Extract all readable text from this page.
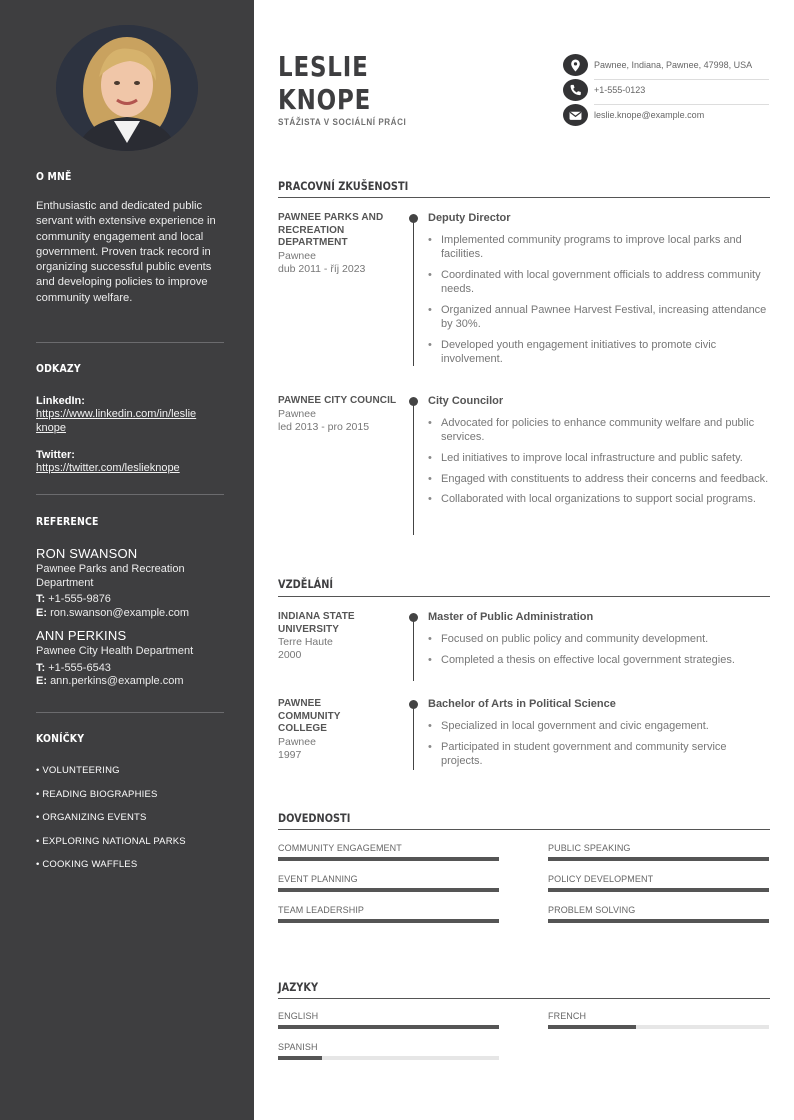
O MNĚ
Enthusiastic and dedicated public servant with extensive experience in community engagement and local government. Proven track record in organizing successful public events and developing policies to improve community welfare.
ODKAZY
LinkedIn:
https://www.linkedin.com/in/leslie
knope
Twitter:
https://twitter.com/leslieknope
REFERENCE
RON SWANSON
Pawnee Parks and Recreation Department
T: +1-555-9876
E: ron.swanson@example.com
ANN PERKINS
Pawnee City Health Department
T: +1-555-6543
E: ann.perkins@example.com
KONÍČKY
• VOLUNTEERING
• READING BIOGRAPHIES
• ORGANIZING EVENTS
• EXPLORING NATIONAL PARKS
• COOKING WAFFLES
LESLIE
KNOPE
STÁŽISTA V SOCIÁLNÍ PRÁCI
Pawnee, Indiana, Pawnee, 47998, USA
+1-555-0123
leslie.knope@example.com
PRACOVNÍ ZKUŠENOSTI
PAWNEE PARKS AND RECREATION DEPARTMENT
Pawnee
dub 2011 - říj 2023
Deputy Director
• Implemented community programs to improve local parks and facilities.
• Coordinated with local government officials to address community needs.
• Organized annual Pawnee Harvest Festival, increasing attendance by 30%.
• Developed youth engagement initiatives to promote civic involvement.
PAWNEE CITY COUNCIL
Pawnee
led 2013 - pro 2015
City Councilor
• Advocated for policies to enhance community welfare and public services.
• Led initiatives to improve local infrastructure and public safety.
• Engaged with constituents to address their concerns and feedback.
• Collaborated with local organizations to support social programs.
VZDĚLÁNÍ
INDIANA STATE UNIVERSITY
Terre Haute
2000
Master of Public Administration
• Focused on public policy and community development.
• Completed a thesis on effective local government strategies.
PAWNEE
COMMUNITY
COLLEGE
Pawnee
1997
Bachelor of Arts in Political Science
• Specialized in local government and civic engagement.
• Participated in student government and community service projects.
DOVEDNOSTI
COMMUNITY ENGAGEMENT	PUBLIC SPEAKING
EVENT PLANNING	POLICY DEVELOPMENT
TEAM LEADERSHIP	PROBLEM SOLVING
JAZYKY
ENGLISH	FRENCH
SPANISH
